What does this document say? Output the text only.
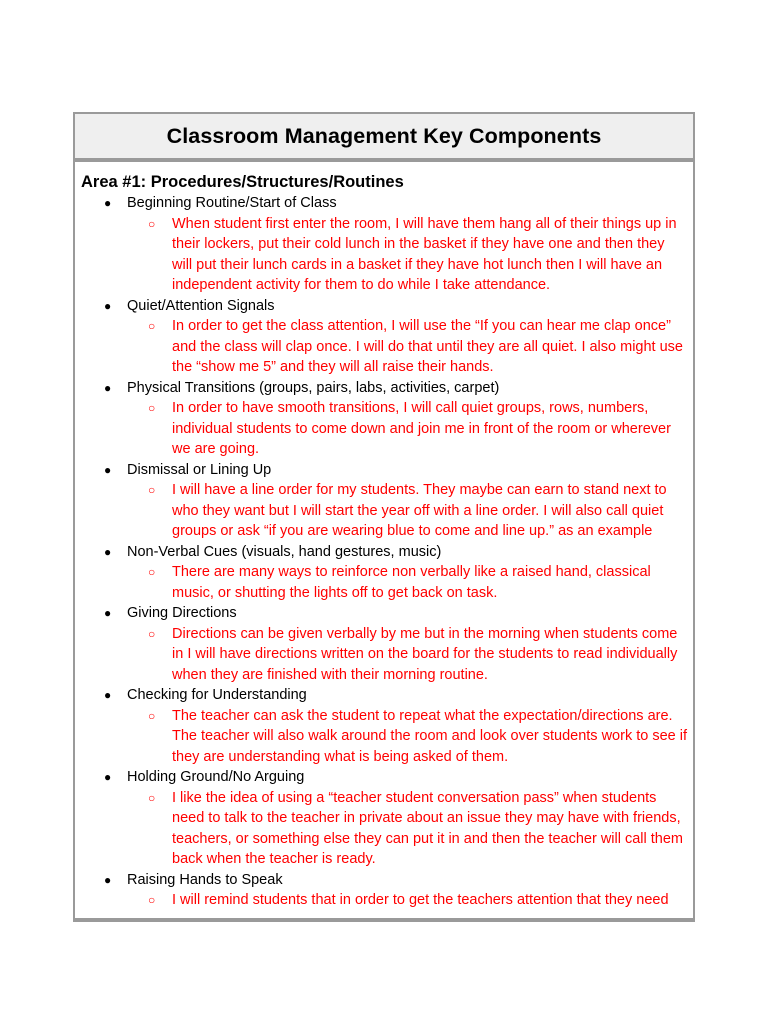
Classroom Management Key Components
Area #1: Procedures/Structures/Routines
● Beginning Routine/Start of Class
○ When student first enter the room, I will have them hang all of their things up in their lockers, put their cold lunch in the basket if they have one and then they will put their lunch cards in a basket if they have hot lunch then I will have an independent activity for them to do while I take attendance.
● Quiet/Attention Signals
○ In order to get the class attention, I will use the “If you can hear me clap once” and the class will clap once. I will do that until they are all quiet. I also might use the “show me 5” and they will all raise their hands.
● Physical Transitions (groups, pairs, labs, activities, carpet)
○ In order to have smooth transitions, I will call quiet groups, rows, numbers, individual students to come down and join me in front of the room or wherever we are going.
● Dismissal or Lining Up
○ I will have a line order for my students. They maybe can earn to stand next to who they want but I will start the year off with a line order. I will also call quiet groups or ask “if you are wearing blue to come and line up.” as an example
● Non-Verbal Cues (visuals, hand gestures, music)
○ There are many ways to reinforce non verbally like a raised hand, classical music, or shutting the lights off to get back on task.
● Giving Directions
○ Directions can be given verbally by me but in the morning when students come in I will have directions written on the board for the students to read individually when they are finished with their morning routine.
● Checking for Understanding
○ The teacher can ask the student to repeat what the expectation/directions are. The teacher will also walk around the room and look over students work to see if they are understanding what is being asked of them.
● Holding Ground/No Arguing
○ I like the idea of using a “teacher student conversation pass” when students need to talk to the teacher in private about an issue they may have with friends, teachers, or something else they can put it in and then the teacher will call them back when the teacher is ready.
● Raising Hands to Speak
○ I will remind students that in order to get the teachers attention that they need
